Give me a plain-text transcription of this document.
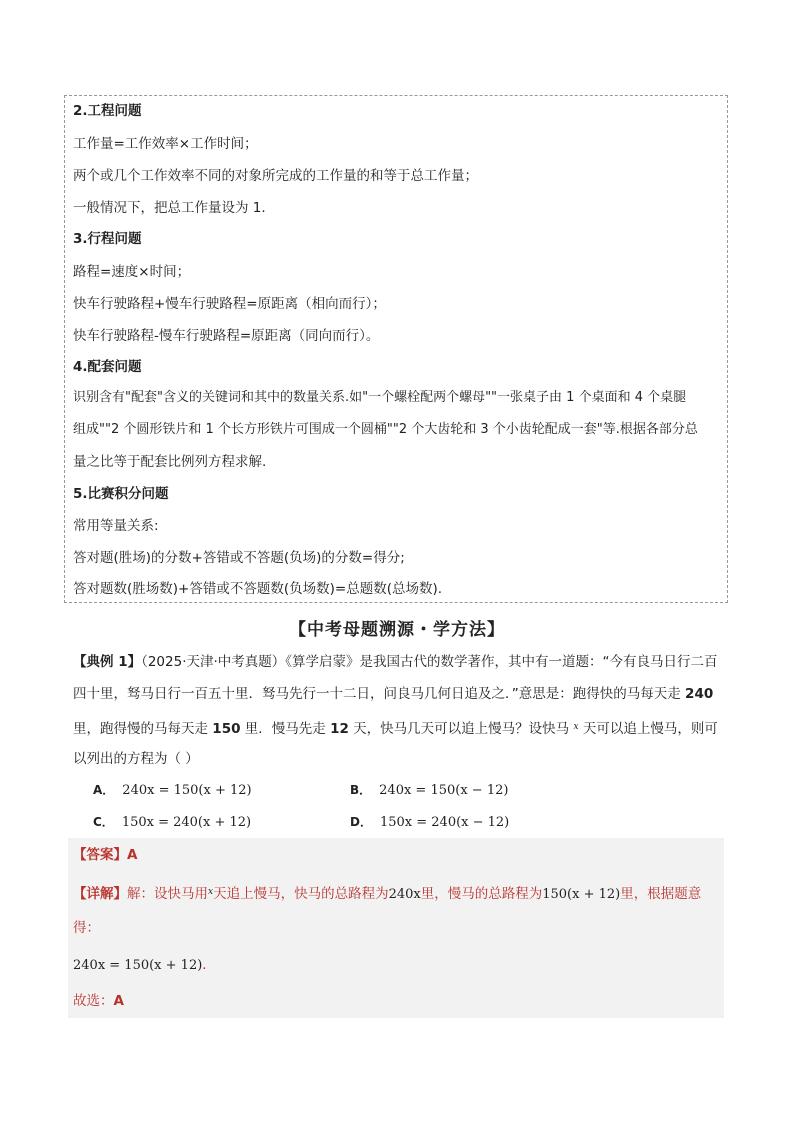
2.工程问题
工作量=工作效率×工作时间；
两个或几个工作效率不同的对象所完成的工作量的和等于总工作量；
一般情况下，把总工作量设为 1.
3.行程问题
路程=速度×时间；
快车行驶路程+慢车行驶路程=原距离（相向而行）；
快车行驶路程-慢车行驶路程=原距离（同向而行）。
4.配套问题
识别含有"配套"含义的关键词和其中的数量关系.如"一个螺栓配两个螺母""一张桌子由 1 个桌面和 4 个桌腿
组成""2 个圆形铁片和 1 个长方形铁片可围成一个圆桶""2 个大齿轮和 3 个小齿轮配成一套"等.根据各部分总
量之比等于配套比例列方程求解.
5.比赛积分问题
常用等量关系:
答对题(胜场)的分数+答错或不答题(负场)的分数=得分;
答对题数(胜场数)+答错或不答题数(负场数)=总题数(总场数).
【中考母题溯源・学方法】
【典例 1】（2025·天津·中考真题）《算学启蒙》是我国古代的数学著作，其中有一道题：“今有良马日行二百
四十里，驽马日行一百五十里．驽马先行一十二日，问良马几何日追及之．”意思是：跑得快的马每天走 240
里，跑得慢的马每天走 150 里．慢马先走 12 天，快马几天可以追上慢马？设快马 $^x$ 天可以追上慢马，则可
以列出的方程为（ ）
A． 240x = 150(x + 12)	B． 240x = 150(x − 12)
C． 150x = 240(x + 12)	D． 150x = 240(x − 12)
【答案】A
【详解】解：设快马用$^x$天追上慢马，快马的总路程为240x里，慢马的总路程为150(x + 12)里，根据题意
得：
240x = 150(x + 12)．
故选：A
